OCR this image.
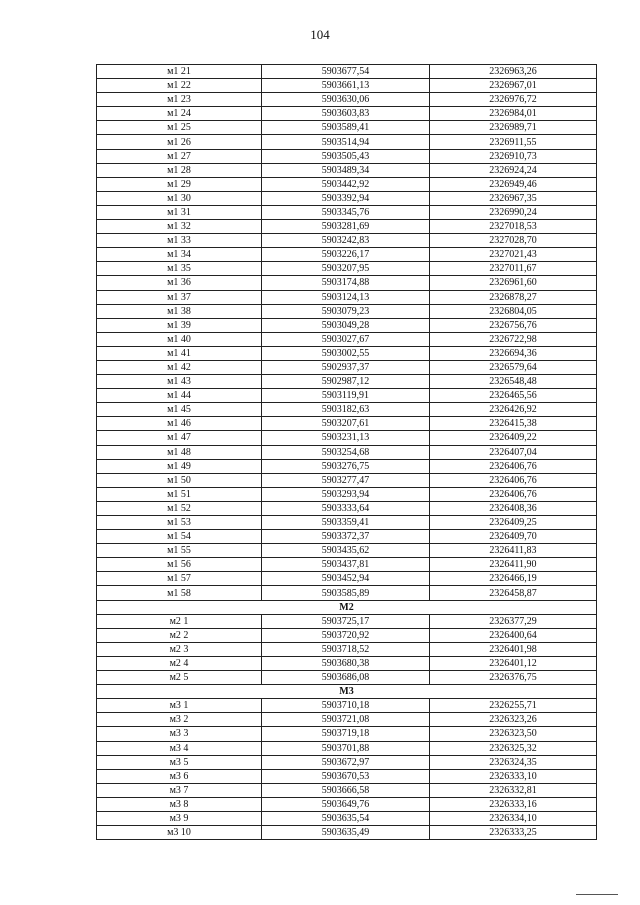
104
м1 21	5903677,54	2326963,26
м1 22	5903661,13	2326967,01
м1 23	5903630,06	2326976,72
м1 24	5903603,83	2326984,01
м1 25	5903589,41	2326989,71
м1 26	5903514,94	2326911,55
м1 27	5903505,43	2326910,73
м1 28	5903489,34	2326924,24
м1 29	5903442,92	2326949,46
м1 30	5903392,94	2326967,35
м1 31	5903345,76	2326990,24
м1 32	5903281,69	2327018,53
м1 33	5903242,83	2327028,70
м1 34	5903226,17	2327021,43
м1 35	5903207,95	2327011,67
м1 36	5903174,88	2326961,60
м1 37	5903124,13	2326878,27
м1 38	5903079,23	2326804,05
м1 39	5903049,28	2326756,76
м1 40	5903027,67	2326722,98
м1 41	5903002,55	2326694,36
м1 42	5902937,37	2326579,64
м1 43	5902987,12	2326548,48
м1 44	5903119,91	2326465,56
м1 45	5903182,63	2326426,92
м1 46	5903207,61	2326415,38
м1 47	5903231,13	2326409,22
м1 48	5903254,68	2326407,04
м1 49	5903276,75	2326406,76
м1 50	5903277,47	2326406,76
м1 51	5903293,94	2326406,76
м1 52	5903333,64	2326408,36
м1 53	5903359,41	2326409,25
м1 54	5903372,37	2326409,70
м1 55	5903435,62	2326411,83
м1 56	5903437,81	2326411,90
м1 57	5903452,94	2326466,19
м1 58	5903585,89	2326458,87
М2		
м2 1	5903725,17	2326377,29
м2 2	5903720,92	2326400,64
м2 3	5903718,52	2326401,98
м2 4	5903680,38	2326401,12
м2 5	5903686,08	2326376,75
М3		
м3 1	5903710,18	2326255,71
м3 2	5903721,08	2326323,26
м3 3	5903719,18	2326323,50
м3 4	5903701,88	2326325,32
м3 5	5903672,97	2326324,35
м3 6	5903670,53	2326333,10
м3 7	5903666,58	2326332,81
м3 8	5903649,76	2326333,16
м3 9	5903635,54	2326334,10
м3 10	5903635,49	2326333,25
